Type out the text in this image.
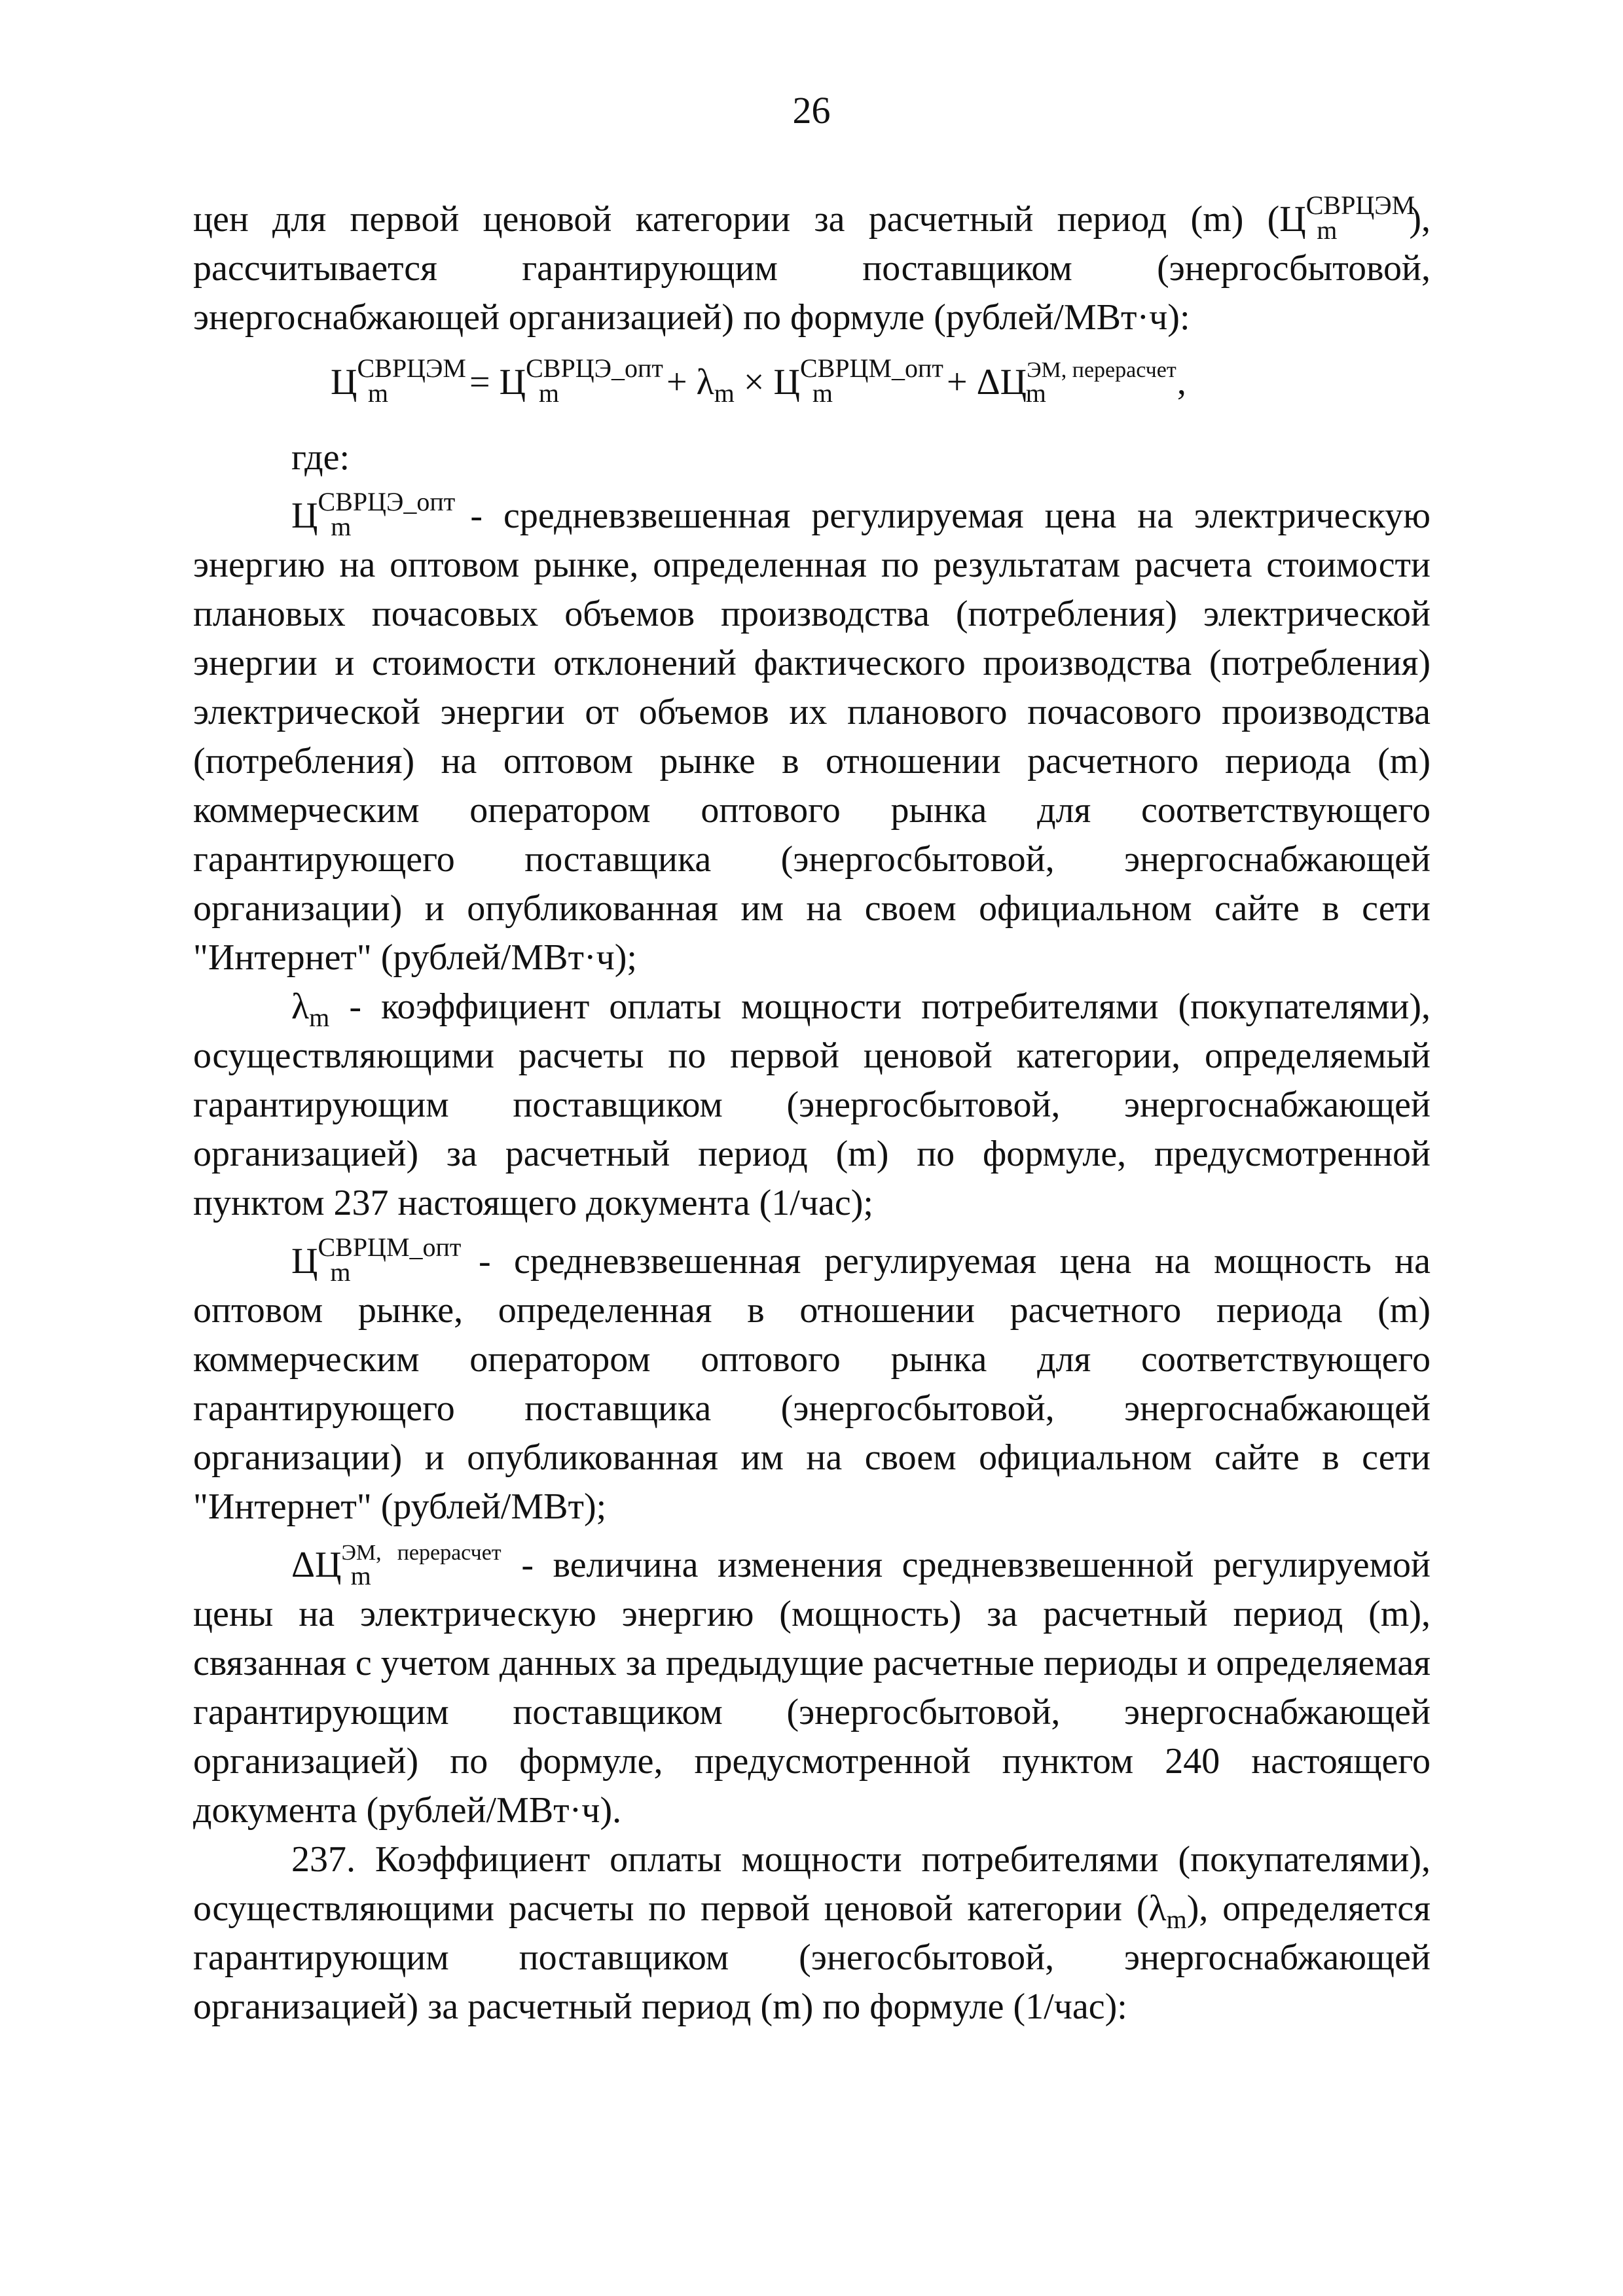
26

цен для первой ценовой категории за расчетный период (m) ($Ц^{СВРЦЭМ}_m$ ), рассчитывается гарантирующим поставщиком (энергосбытовой, энергоснабжающей организацией) по формуле (рублей/МВт·ч):

$Ц^{СВРЦЭМ}_m = Ц^{СВРЦЭ\_опт}_m$	+ $\lambda_m \times Ц^{СВРЦМ\_опт}_m$	+ $\Delta Ц^{ЭМ, перерасчет}_m$	,

где:

$Ц^{СВРЦЭ\_опт}_m$	- средневзвешенная регулируемая цена на электрическую энергию на оптовом рынке, определенная по результатам расчета стоимости плановых почасовых объемов производства (потребления) электрической энергии и стоимости отклонений фактического производства (потребления) электрической энергии от объемов их планового почасового производства (потребления) на оптовом рынке в отношении расчетного периода (m) коммерческим оператором оптового рынка для соответствующего гарантирующего поставщика (энергосбытовой, энергоснабжающей организации) и опубликованная им на своем официальном сайте в сети "Интернет" (рублей/МВт·ч);

$\lambda_m$ - коэффициент оплаты мощности потребителями (покупателями), осуществляющими расчеты по первой ценовой категории, определяемый гарантирующим поставщиком (энергосбытовой, энергоснабжающей организацией) за расчетный период (m) по формуле, предусмотренной пунктом 237 настоящего документа (1/час);

$Ц^{СВРЦМ\_опт}_m$	- средневзвешенная регулируемая цена на мощность на оптовом рынке, определенная в отношении расчетного периода (m) коммерческим оператором оптового рынка для соответствующего гарантирующего поставщика (энергосбытовой, энергоснабжающей организации) и опубликованная им на своем официальном сайте в сети "Интернет" (рублей/МВт);

$\Delta Ц^{ЭМ, перерасчет}_m$	- величина изменения средневзвешенной регулируемой цены на электрическую энергию (мощность) за расчетный период (m), связанная с учетом данных за предыдущие расчетные периоды и определяемая гарантирующим поставщиком (энергосбытовой, энергоснабжающей организацией) по формуле, предусмотренной пунктом 240 настоящего документа (рублей/МВт·ч).

237. Коэффициент оплаты мощности потребителями (покупателями), осуществляющими расчеты по первой ценовой категории $(\lambda_m)$, определяется гарантирующим поставщиком (энегосбытовой, энергоснабжающей организацией) за расчетный период (m) по формуле (1/час):
